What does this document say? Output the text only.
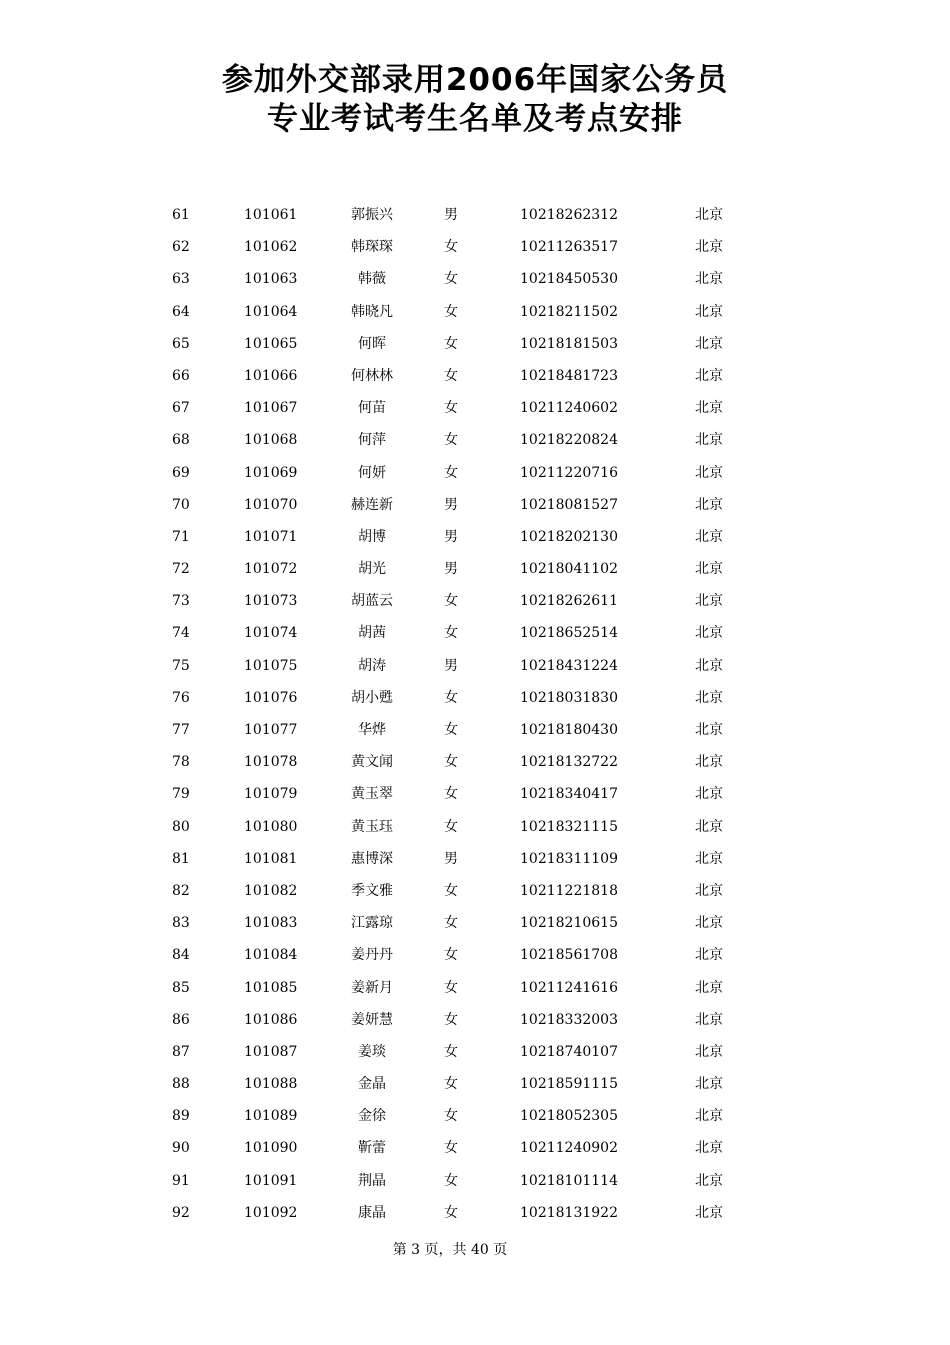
参加外交部录用2006年国家公务员
专业考试考生名单及考点安排
61	101061	郭振兴	男	10218262312	北京
62	101062	韩琛琛	女	10211263517	北京
63	101063	韩薇	女	10218450530	北京
64	101064	韩晓凡	女	10218211502	北京
65	101065	何晖	女	10218181503	北京
66	101066	何林林	女	10218481723	北京
67	101067	何苗	女	10211240602	北京
68	101068	何萍	女	10218220824	北京
69	101069	何妍	女	10211220716	北京
70	101070	赫连新	男	10218081527	北京
71	101071	胡博	男	10218202130	北京
72	101072	胡光	男	10218041102	北京
73	101073	胡蓝云	女	10218262611	北京
74	101074	胡茜	女	10218652514	北京
75	101075	胡涛	男	10218431224	北京
76	101076	胡小甦	女	10218031830	北京
77	101077	华烨	女	10218180430	北京
78	101078	黄文闻	女	10218132722	北京
79	101079	黄玉翠	女	10218340417	北京
80	101080	黄玉珏	女	10218321115	北京
81	101081	惠博深	男	10218311109	北京
82	101082	季文雅	女	10211221818	北京
83	101083	江露琼	女	10218210615	北京
84	101084	姜丹丹	女	10218561708	北京
85	101085	姜新月	女	10211241616	北京
86	101086	姜妍慧	女	10218332003	北京
87	101087	姜琰	女	10218740107	北京
88	101088	金晶	女	10218591115	北京
89	101089	金徐	女	10218052305	北京
90	101090	靳蕾	女	10211240902	北京
91	101091	荆晶	女	10218101114	北京
92	101092	康晶	女	10218131922	北京
第 3 页，共 40 页
